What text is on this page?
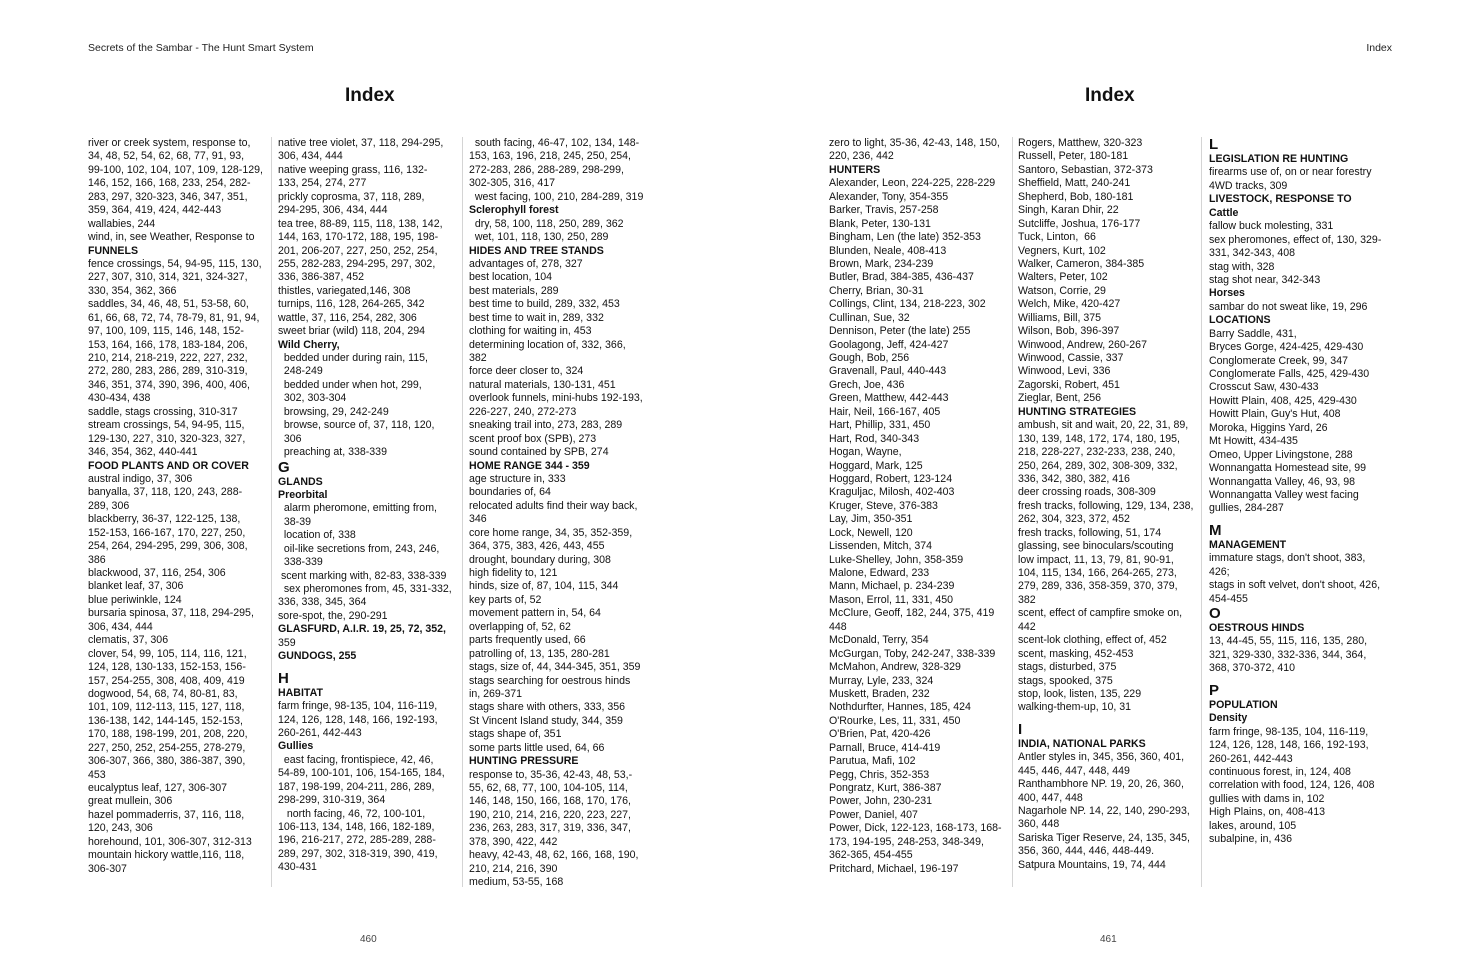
Secrets of the Sambar - The Hunt Smart System	Index
Index	Index
river or creek system, response to,
34, 48, 52, 54, 62, 68, 77, 91, 93,
99-100, 102, 104, 107, 109, 128-129,
146, 152, 166, 168, 233, 254, 282-
283, 297, 320-323, 346, 347, 351,
359, 364, 419, 424, 442-443
wallabies, 244
wind, in, see Weather, Response to
FUNNELS
fence crossings, 54, 94-95, 115, 130,
227, 307, 310, 314, 321, 324-327,
330, 354, 362, 366
saddles, 34, 46, 48, 51, 53-58, 60,
61, 66, 68, 72, 74, 78-79, 81, 91, 94,
97, 100, 109, 115, 146, 148, 152-
153, 164, 166, 178, 183-184, 206,
210, 214, 218-219, 222, 227, 232,
272, 280, 283, 286, 289, 310-319,
346, 351, 374, 390, 396, 400, 406,
430-434, 438
saddle, stags crossing, 310-317
stream crossings, 54, 94-95, 115,
129-130, 227, 310, 320-323, 327,
346, 354, 362, 440-441
FOOD PLANTS AND OR COVER
austral indigo, 37, 306
banyalla, 37, 118, 120, 243, 288-
289, 306
blackberry, 36-37, 122-125, 138,
152-153, 166-167, 170, 227, 250,
254, 264, 294-295, 299, 306, 308,
386
blackwood, 37, 116, 254, 306
blanket leaf, 37, 306
blue periwinkle, 124
bursaria spinosa, 37, 118, 294-295,
306, 434, 444
clematis, 37, 306
clover, 54, 99, 105, 114, 116, 121,
124, 128, 130-133, 152-153, 156-
157, 254-255, 308, 408, 409, 419
dogwood, 54, 68, 74, 80-81, 83,
101, 109, 112-113, 115, 127, 118,
136-138, 142, 144-145, 152-153,
170, 188, 198-199, 201, 208, 220,
227, 250, 252, 254-255, 278-279,
306-307, 366, 380, 386-387, 390,
453
eucalyptus leaf, 127, 306-307
great mullein, 306
hazel pommaderris, 37, 116, 118,
120, 243, 306
horehound, 101, 306-307, 312-313
mountain hickory wattle,116, 118,
306-307
native tree violet, 37, 118, 294-295,
306, 434, 444
native weeping grass, 116, 132-
133, 254, 274, 277
prickly coprosma, 37, 118, 289,
294-295, 306, 434, 444
tea tree, 88-89, 115, 118, 138, 142,
144, 163, 170-172, 188, 195, 198-
201, 206-207, 227, 250, 252, 254,
255, 282-283, 294-295, 297, 302,
336, 386-387, 452
thistles, variegated,146, 308
turnips, 116, 128, 264-265, 342
wattle, 37, 116, 254, 282, 306
sweet briar (wild) 118, 204, 294
Wild Cherry,
bedded under during rain, 115,
248-249
bedded under when hot, 299,
302, 303-304
browsing, 29, 242-249
browse, source of, 37, 118, 120,
306
preaching at, 338-339
G
GLANDS
Preorbital
alarm pheromone, emitting from,
38-39
location of, 338
oil-like secretions from, 243, 246,
338-339
scent marking with, 82-83, 338-339
sex pheromones from, 45, 331-332,
336, 338, 345, 364
sore-spot, the, 290-291
GLASFURD, A.I.R. 19, 25, 72, 352,
359
GUNDOGS, 255
H
HABITAT
farm fringe, 98-135, 104, 116-119,
124, 126, 128, 148, 166, 192-193,
260-261, 442-443
Gullies
east facing, frontispiece, 42, 46,
54-89, 100-101, 106, 154-165, 184,
187, 198-199, 204-211, 286, 289,
298-299, 310-319, 364
north facing, 46, 72, 100-101,
106-113, 134, 148, 166, 182-189,
196, 216-217, 272, 285-289, 288-
289, 297, 302, 318-319, 390, 419,
430-431
south facing, 46-47, 102, 134, 148-
153, 163, 196, 218, 245, 250, 254,
272-283, 286, 288-289, 298-299,
302-305, 316, 417
west facing, 100, 210, 284-289, 319
Sclerophyll forest
dry, 58, 100, 118, 250, 289, 362
wet, 101, 118, 130, 250, 289
HIDES AND TREE STANDS
advantages of, 278, 327
best location, 104
best materials, 289
best time to build, 289, 332, 453
best time to wait in, 289, 332
clothing for waiting in, 453
determining location of, 332, 366,
382
force deer closer to, 324
natural materials, 130-131, 451
overlook funnels, mini-hubs 192-193,
226-227, 240, 272-273
sneaking trail into, 273, 283, 289
scent proof box (SPB), 273
sound contained by SPB, 274
HOME RANGE 344 - 359
age structure in, 333
boundaries of, 64
relocated adults find their way back,
346
core home range, 34, 35, 352-359,
364, 375, 383, 426, 443, 455
drought, boundary during, 308
high fidelity to, 121
hinds, size of, 87, 104, 115, 344
key parts of, 52
movement pattern in, 54, 64
overlapping of, 52, 62
parts frequently used, 66
patrolling of, 13, 135, 280-281
stags, size of, 44, 344-345, 351, 359
stags searching for oestrous hinds
in, 269-371
stags share with others, 333, 356
St Vincent Island study, 344, 359
stags shape of, 351
some parts little used, 64, 66
HUNTING PRESSURE
response to, 35-36, 42-43, 48, 53,-
55, 62, 68, 77, 100, 104-105, 114,
146, 148, 150, 166, 168, 170, 176,
190, 210, 214, 216, 220, 223, 227,
236, 263, 283, 317, 319, 336, 347,
378, 390, 422, 442
heavy, 42-43, 48, 62, 166, 168, 190,
210, 214, 216, 390
medium, 53-55, 168
zero to light, 35-36, 42-43, 148, 150,
220, 236, 442
HUNTERS
Alexander, Leon, 224-225, 228-229
Alexander, Tony, 354-355
Barker, Travis, 257-258
Blank, Peter, 130-131
Bingham, Len (the late) 352-353
Blunden, Neale, 408-413
Brown, Mark, 234-239
Butler, Brad, 384-385, 436-437
Cherry, Brian, 30-31
Collings, Clint, 134, 218-223, 302
Cullinan, Sue, 32
Dennison, Peter (the late) 255
Goolagong, Jeff, 424-427
Gough, Bob, 256
Gravenall, Paul, 440-443
Grech, Joe, 436
Green, Matthew, 442-443
Hair, Neil, 166-167, 405
Hart, Phillip, 331, 450
Hart, Rod, 340-343
Hogan, Wayne,
Hoggard, Mark, 125
Hoggard, Robert, 123-124
Kraguljac, Milosh, 402-403
Kruger, Steve, 376-383
Lay, Jim, 350-351
Lock, Newell, 120
Lissenden, Mitch, 374
Luke-Shelley, John, 358-359
Malone, Edward, 233
Mann, Michael, p. 234-239
Mason, Errol, 11, 331, 450
McClure, Geoff, 182, 244, 375, 419
448
McDonald, Terry, 354
McGurgan, Toby, 242-247, 338-339
McMahon, Andrew, 328-329
Murray, Lyle, 233, 324
Muskett, Braden, 232
Nothdurfter, Hannes, 185, 424
O'Rourke, Les, 11, 331, 450
O'Brien, Pat, 420-426
Parnall, Bruce, 414-419
Parutua, Mafi, 102
Pegg, Chris, 352-353
Pongratz, Kurt, 386-387
Power, John, 230-231
Power, Daniel, 407
Power, Dick, 122-123, 168-173, 168-
173, 194-195, 248-253, 348-349,
362-365, 454-455
Pritchard, Michael, 196-197
Rogers, Matthew, 320-323
Russell, Peter, 180-181
Santoro, Sebastian, 372-373
Sheffield, Matt, 240-241
Shepherd, Bob, 180-181
Singh, Karan Dhir, 22
Sutcliffe, Joshua, 176-177
Tuck, Linton,  66
Vegners, Kurt, 102
Walker, Cameron, 384-385
Walters, Peter, 102
Watson, Corrie, 29
Welch, Mike, 420-427
Williams, Bill, 375
Wilson, Bob, 396-397
Winwood, Andrew, 260-267
Winwood, Cassie, 337
Winwood, Levi, 336
Zagorski, Robert, 451
Zieglar, Bent, 256
HUNTING STRATEGIES
ambush, sit and wait, 20, 22, 31, 89,
130, 139, 148, 172, 174, 180, 195,
218, 228-227, 232-233, 238, 240,
250, 264, 289, 302, 308-309, 332,
336, 342, 380, 382, 416
deer crossing roads, 308-309
fresh tracks, following, 129, 134, 238,
262, 304, 323, 372, 452
fresh tracks, following, 51, 174
glassing, see binoculars/scouting
low impact, 11, 13, 79, 81, 90-91,
104, 115, 134, 166, 264-265, 273,
279, 289, 336, 358-359, 370, 379,
382
scent, effect of campfire smoke on,
442
scent-lok clothing, effect of, 452
scent, masking, 452-453
stags, disturbed, 375
stags, spooked, 375
stop, look, listen, 135, 229
walking-them-up, 10, 31
I
INDIA, NATIONAL PARKS
Antler styles in, 345, 356, 360, 401,
445, 446, 447, 448, 449
Ranthambhore NP. 19, 20, 26, 360,
400, 447, 448
Nagarhole NP. 14, 22, 140, 290-293,
360, 448
Sariska Tiger Reserve, 24, 135, 345,
356, 360, 444, 446, 448-449.
Satpura Mountains, 19, 74, 444
L
LEGISLATION RE HUNTING
firearms use of, on or near forestry
4WD tracks, 309
LIVESTOCK, RESPONSE TO
Cattle
fallow buck molesting, 331
sex pheromones, effect of, 130, 329-
331, 342-343, 408
stag with, 328
stag shot near, 342-343
Horses
sambar do not sweat like, 19, 296
LOCATIONS
Barry Saddle, 431,
Bryces Gorge, 424-425, 429-430
Conglomerate Creek, 99, 347
Conglomerate Falls, 425, 429-430
Crosscut Saw, 430-433
Howitt Plain, 408, 425, 429-430
Howitt Plain, Guy's Hut, 408
Moroka, Higgins Yard, 26
Mt Howitt, 434-435
Omeo, Upper Livingstone, 288
Wonnangatta Homestead site, 99
Wonnangatta Valley, 46, 93, 98
Wonnangatta Valley west facing
gullies, 284-287
M
MANAGEMENT
immature stags, don't shoot, 383,
426;
stags in soft velvet, don't shoot, 426,
454-455
O
OESTROUS HINDS
13, 44-45, 55, 115, 116, 135, 280,
321, 329-330, 332-336, 344, 364,
368, 370-372, 410
P
POPULATION
Density
farm fringe, 98-135, 104, 116-119,
124, 126, 128, 148, 166, 192-193,
260-261, 442-443
continuous forest, in, 124, 408
correlation with food, 124, 126, 408
gullies with dams in, 102
High Plains, on, 408-413
lakes, around, 105
subalpine, in, 436
460	461
